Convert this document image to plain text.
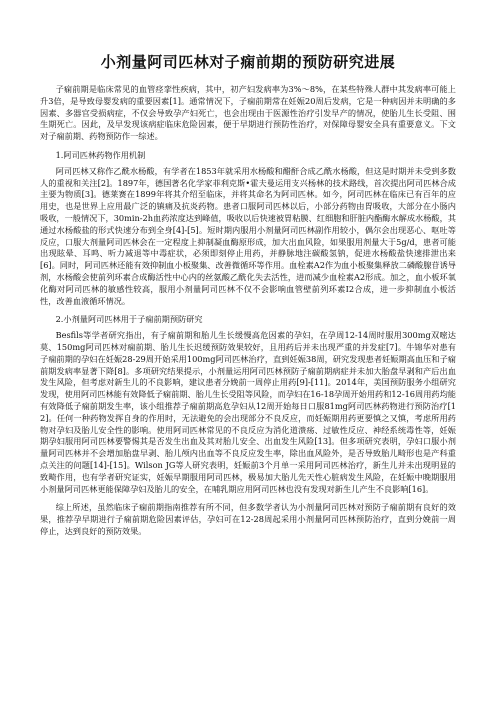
小剂量阿司匹林对子痫前期的预防研究进展

子痫前期是临床常见的血管痉挛性疾病，其中，初产妇发病率为3%～8%，在某些特殊人群中其发病率可能上升3倍，是导致母婴发病的重要因素[1]。通常情况下，子痫前期常在妊娠20周后发病，它是一种病因并未明确的多因素、多器官受损病症，不仅会导致孕产妇死亡，也会出现由于医源性治疗引发早产的情况，使胎儿生长受阻、围生期死亡。因此，及早发现该病症临床危险因素，便于早期进行预防性治疗，对保障母婴安全具有重要意义。下文对子痫前期、药物预防作一综述。

1.阿司匹林药物作用机制

阿司匹林又称作乙酰水杨酸，有学者在1853年就采用水杨酸和醋酐合成乙酰水杨酸，但这是时期并未受到多数人的重视和关注[2]。1897年，德国著名化学家菲利克斯•霍夫曼运用支兴杨林的技术路线，首次提出阿司匹林合成主要为物质[3]。德莱赛在1899年将其介绍至临床，并将其命名为阿司匹林。如今，阿司匹林在临床已有百年的应用史，也是世界上应用最广泛的镇痛及抗炎药物。患者口服阿司匹林以后，小部分药物由胃吸收，大部分在小肠内吸收，一般情况下，30min-2h血药浓度达到峰值，吸收以后快速被胃粘膜、红细胞和肝脏内酯酶水解成水杨酸，其通过水杨酸盐的形式快速分布到全身[4]-[5]。短时期内服用小剂量阿司匹林副作用较小，偶尔会出现恶心、呕吐等反应，口服大剂量阿司匹林会在一定程度上抑制凝血酶原形成，加大出血风险，如果服用剂量大于5g/d，患者可能出现眩晕、耳鸣、听力减退等中毒症状，必须即刻停止用药，并静脉地注碳酸氢钠，促进水杨酸盐快速排泄出来[6]。同时，阿司匹林还能有效抑制血小板聚集、改善微循环等作用。血栓素A2作为血小板聚集释放二磷酸腺苷诱导剂，水杨酸会使前列环素合成酶活性中心内的丝氨酸乙酰化失去活性，进而减少血栓素A2形成。加之，血小板环氧化酶对阿司匹林的敏感性较高，服用小剂量阿司匹林不仅不会影响血管壁前列环素I2合成，进一步抑制血小板活性，改善血液循环情况。

2.小剂量阿司匹林用于子痫前期预防研究

Besfils等学者研究指出，有子痫前期和胎儿生长缓慢高危因素的孕妇，在孕周12-14周时服用300mg双嘧达莫、150mg阿司匹林对痫前期、胎儿生长迟缓预防效果较好，且用药后并未出现严重的并发症[7]。牛锦华对患有子痫前期的孕妇在妊娠28-29周开始采用100mg阿司匹林治疗，直到妊娠38周，研究发现患者妊娠期高血压和子痫前期发病率显著下降[8]。多项研究结果提示，小剂量运用阿司匹林预防子痫前期病症并未加大胎盘早剥和产后出血发生风险，但考虑对新生儿的不良影响，建议患者分娩前一周停止用药[9]-[11]。2014年，美国预防服务小组研究发现，使用阿司匹林能有效降低子痫前期、胎儿生长受阻等风险，而孕妇在16-18孕周开始用药和12-16周用药均能有效降低子痫前期发生率，该小组推荐子痫前期高危孕妇从12周开始每日口服81mg阿司匹林药物进行预防治疗[12]。任何一种药物发挥自身的作用时，无法避免的会出现部分不良反应，而妊娠期用药更要慎之又慎，考虑所用药物对孕妇及胎儿安全性的影响。使用阿司匹林常见的不良反应为消化道溃疡、过敏性反应、神经系统毒性等，妊娠期孕妇服用阿司匹林要警惕其是否发生出血及其对胎儿安全、出血发生风险[13]。但多项研究表明，孕妇口服小剂量阿司匹林并不会增加胎盘早剥、胎儿颅内出血等不良反应发生率，除出血风险外，是否导致胎儿畸形也是产科重点关注的问题[14]-[15]。Wilson JG等人研究表明，妊娠前3个月单一采用阿司匹林治疗，新生儿并未出现明显的致畸作用，也有学者研究证实，妊娠早期服用阿司匹林，极易加大胎儿先天性心脏病发生风险，在妊娠中晚期服用小剂量阿司匹林更能保障孕妇及胎儿的安全，在哺乳期应用阿司匹林也没有发现对新生儿产生不良影响[16]。

综上所述，虽然临床子痫前期指南推荐有所不同，但多数学者认为小剂量阿司匹林对预防子痫前期有良好的效果，推荐孕早期进行子痫前期危险因素评估，孕妇可在12-28周起采用小剂量阿司匹林预防治疗，直到分娩前一周停止，达到良好的预防效果。
